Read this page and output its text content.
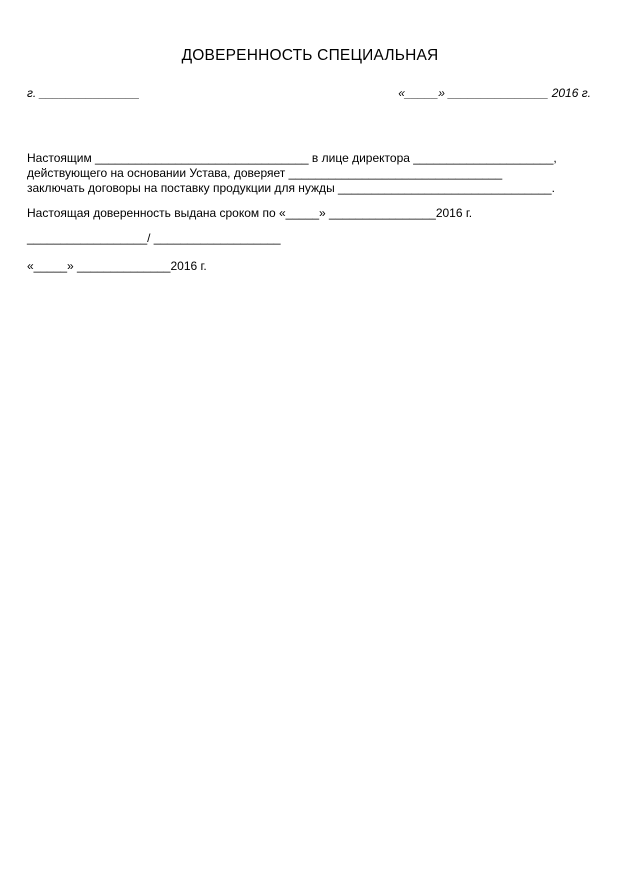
ДОВЕРЕННОСТЬ СПЕЦИАЛЬНАЯ
г. _______________	«_____» _______________ 2016 г.
Настоящим ________________________________ в лице директора _____________________,
действующего на основании Устава, доверяет ________________________________
заключать договоры на поставку продукции для нужды ________________________________.
Настоящая доверенность выдана сроком по «_____» ________________2016 г.
__________________/ ___________________
«_____» ______________2016 г.
